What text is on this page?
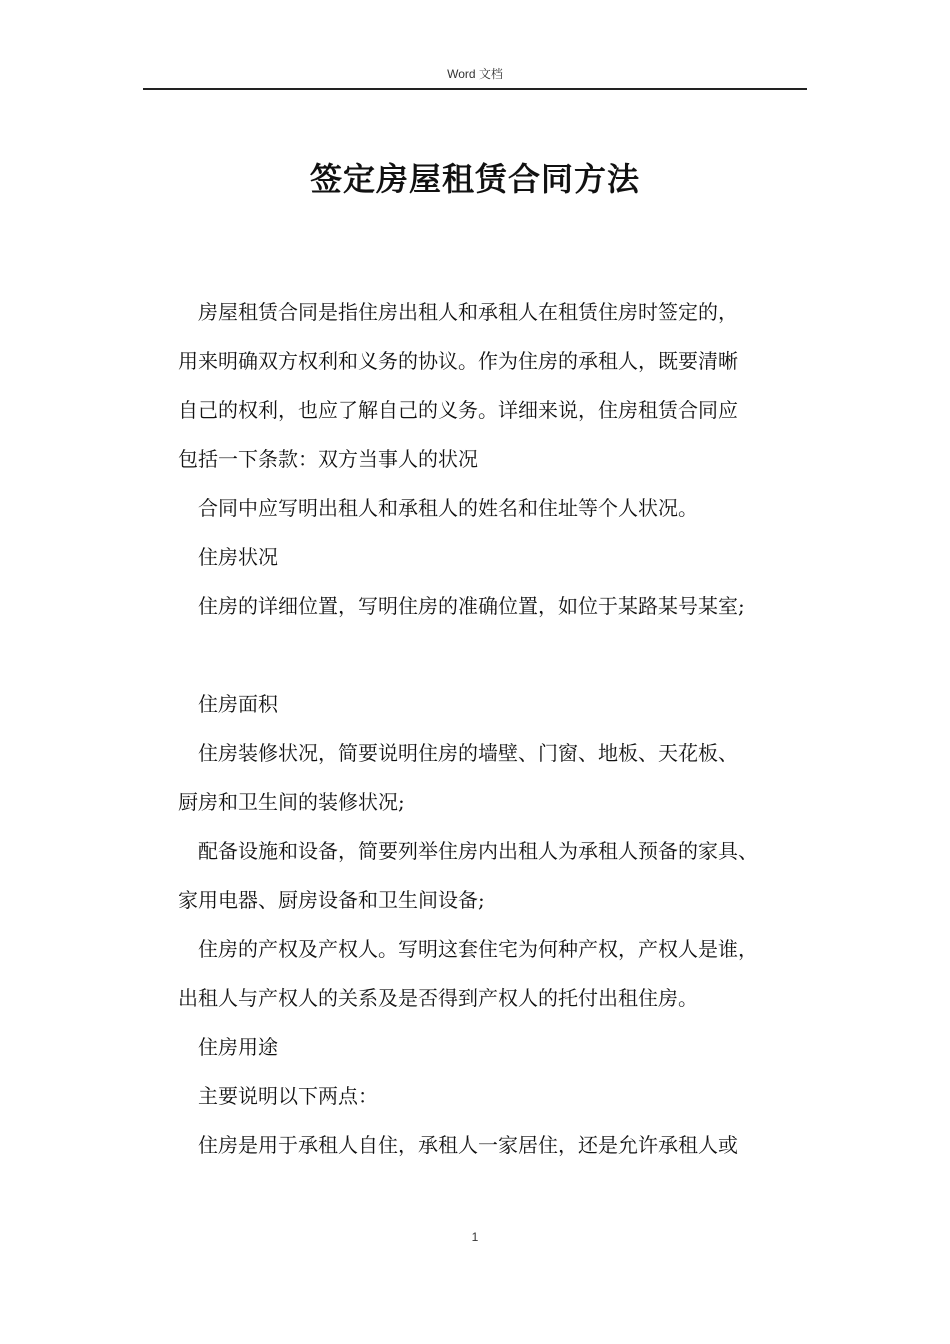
Word 文档
签定房屋租赁合同方法

房屋租赁合同是指住房出租人和承租人在租赁住房时签定的，
用来明确双方权利和义务的协议。作为住房的承租人，既要清晰
自己的权利，也应了解自己的义务。详细来说，住房租赁合同应
包括一下条款：双方当事人的状况

合同中应写明出租人和承租人的姓名和住址等个人状况。

住房状况

住房的详细位置，写明住房的准确位置，如位于某路某号某室;

住房面积

住房装修状况，简要说明住房的墙壁、门窗、地板、天花板、
厨房和卫生间的装修状况;

配备设施和设备，简要列举住房内出租人为承租人预备的家具、
家用电器、厨房设备和卫生间设备;

住房的产权及产权人。写明这套住宅为何种产权，产权人是谁，
出租人与产权人的关系及是否得到产权人的托付出租住房。

住房用途

主要说明以下两点：

住房是用于承租人自住，承租人一家居住，还是允许承租人或

1
